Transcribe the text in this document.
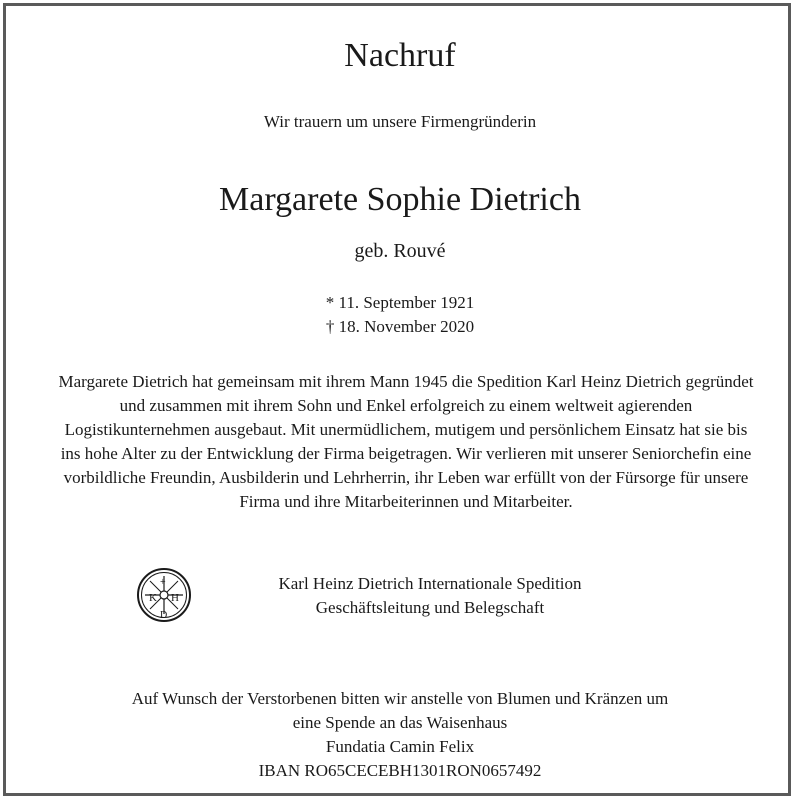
Nachruf
Wir trauern um unsere Firmengründerin
Margarete Sophie Dietrich
geb. Rouvé
* 11. September 1921
† 18. November 2020
Margarete Dietrich hat gemeinsam mit ihrem Mann 1945 die Spedition Karl Heinz Dietrich gegründet und zusammen mit ihrem Sohn und Enkel erfolgreich zu einem weltweit agierenden Logistikunternehmen ausgebaut. Mit unermüdlichem, mutigem und persönlichem Einsatz hat sie bis ins hohe Alter zu der Entwicklung der Firma beigetragen. Wir verlieren mit unserer Seniorchefin eine vorbildliche Freundin, Ausbilderin und Lehrherrin, ihr Leben war erfüllt von der Fürsorge für unsere Firma und ihre Mitarbeiterinnen und Mitarbeiter.
K H
D
+	Karl Heinz Dietrich Internationale Spedition
Geschäftsleitung und Belegschaft
Auf Wunsch der Verstorbenen bitten wir anstelle von Blumen und Kränzen um
eine Spende an das Waisenhaus
Fundatia Camin Felix
IBAN RO65CECEBH1301RON0657492
